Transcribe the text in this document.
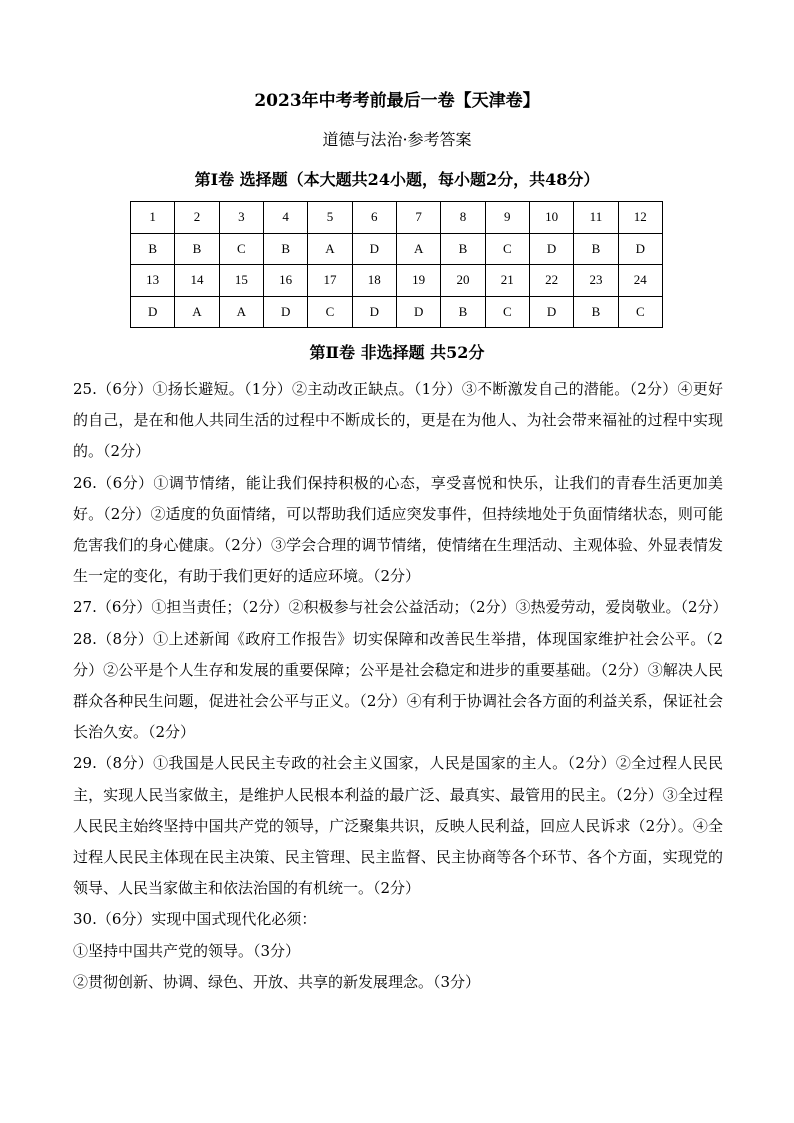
2023年中考考前最后一卷【天津卷】
道德与法治·参考答案
第Ⅰ卷 选择题（本大题共24小题，每小题2分，共48分）
1	2	3	4	5	6	7	8	9	10	11	12
B	B	C	B	A	D	A	B	C	D	B	D
13	14	15	16	17	18	19	20	21	22	23	24
D	A	A	D	C	D	D	B	C	D	B	C
第Ⅱ卷 非选择题 共52分

25.（6分）①扬长避短。（1分）②主动改正缺点。（1分）③不断激发自己的潜能。（2分）④更好的自己，是在和他人共同生活的过程中不断成长的，更是在为他人、为社会带来福祉的过程中实现的。（2分）

26.（6分）①调节情绪，能让我们保持积极的心态，享受喜悦和快乐，让我们的青春生活更加美好。（2分）②适度的负面情绪，可以帮助我们适应突发事件，但持续地处于负面情绪状态，则可能危害我们的身心健康。（2分）③学会合理的调节情绪，使情绪在生理活动、主观体验、外显表情发生一定的变化，有助于我们更好的适应环境。（2分）

27.（6分）①担当责任；（2分）②积极参与社会公益活动；（2分）③热爱劳动，爱岗敬业。（2分）

28.（8分）①上述新闻《政府工作报告》切实保障和改善民生举措，体现国家维护社会公平。（2分）②公平是个人生存和发展的重要保障；公平是社会稳定和进步的重要基础。（2分）③解决人民群众各种民生问题，促进社会公平与正义。（2分）④有利于协调社会各方面的利益关系，保证社会长治久安。（2分）

29.（8分）①我国是人民民主专政的社会主义国家，人民是国家的主人。（2分）②全过程人民民主，实现人民当家做主，是维护人民根本利益的最广泛、最真实、最管用的民主。（2分）③全过程人民民主始终坚持中国共产党的领导，广泛聚集共识，反映人民利益，回应人民诉求（2分）。④全过程人民民主体现在民主决策、民主管理、民主监督、民主协商等各个环节、各个方面，实现党的领导、人民当家做主和依法治国的有机统一。（2分）

30.（6分）实现中国式现代化必须：

①坚持中国共产党的领导。（3分）

②贯彻创新、协调、绿色、开放、共享的新发展理念。（3分）
